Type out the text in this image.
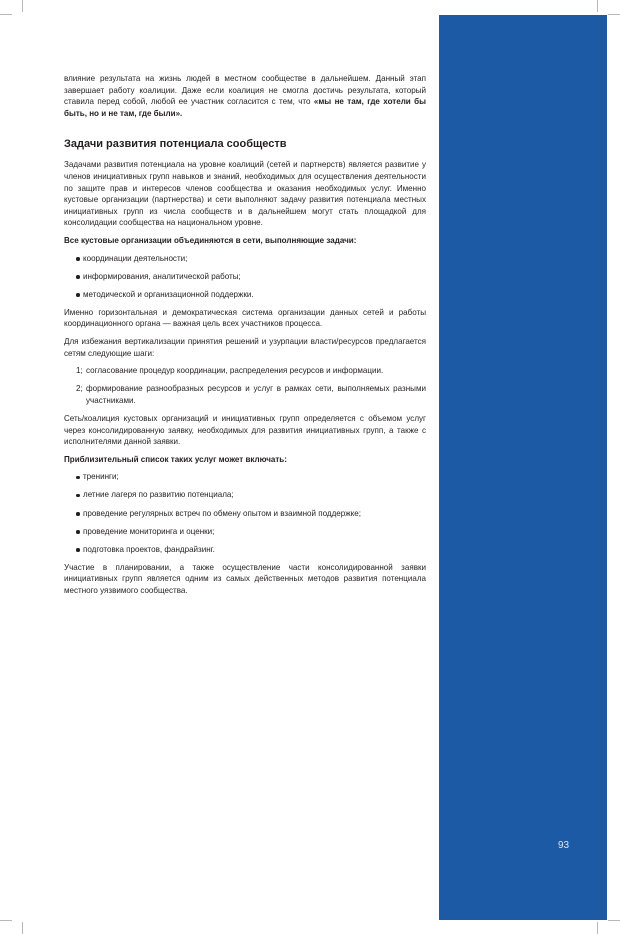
93

влияние результата на жизнь людей в местном сообществе в дальнейшем. Данный этап завершает работу коалиции. Даже если коалиция не смогла достичь результата, который ставила перед собой, любой ее участник согласится с тем, что «мы не там, где хотели бы быть, но и не там, где были».

Задачи развития потенциала сообществ

Задачами развития потенциала на уровне коалиций (сетей и партнерств) является развитие у членов инициативных групп навыков и знаний, необходимых для осуществления деятельности по защите прав и интересов членов сообщества и оказания необходимых услуг. Именно кустовые организации (партнерства) и сети выполняют задачу развития потенциала местных инициативных групп из числа сообществ и в дальнейшем могут стать площадкой для консолидации сообщества на национальном уровне.

Все кустовые организации объединяются в сети, выполняющие задачи:

координации деятельности;
информирования, аналитической работы;
методической и организационной поддержки.

Именно горизонтальная и демократическая система организации данных сетей и работы координационного органа — важная цель всех участников процесса.

Для избежания вертикализации принятия решений и узурпации власти/ресурсов предлагается сетям следующие шаги:

1; согласование процедур координации, распределения ресурсов и информации.
2; формирование разнообразных ресурсов и услуг в рамках сети, выполняемых разными участниками.

Сеть/коалиция кустовых организаций и инициативных групп определяется с объемом услуг через консолидированную заявку, необходимых для развития инициативных групп, а также с исполнителями данной заявки.

Приблизительный список таких услуг может включать:

тренинги;
летние лагеря по развитию потенциала;
проведение регулярных встреч по обмену опытом и взаимной поддержке;
проведение мониторинга и оценки;
подготовка проектов, фандрайзинг.

Участие в планировании, а также осуществление части консолидированной заявки инициативных групп является одним из самых действенных методов развития потенциала местного уязвимого сообщества.
